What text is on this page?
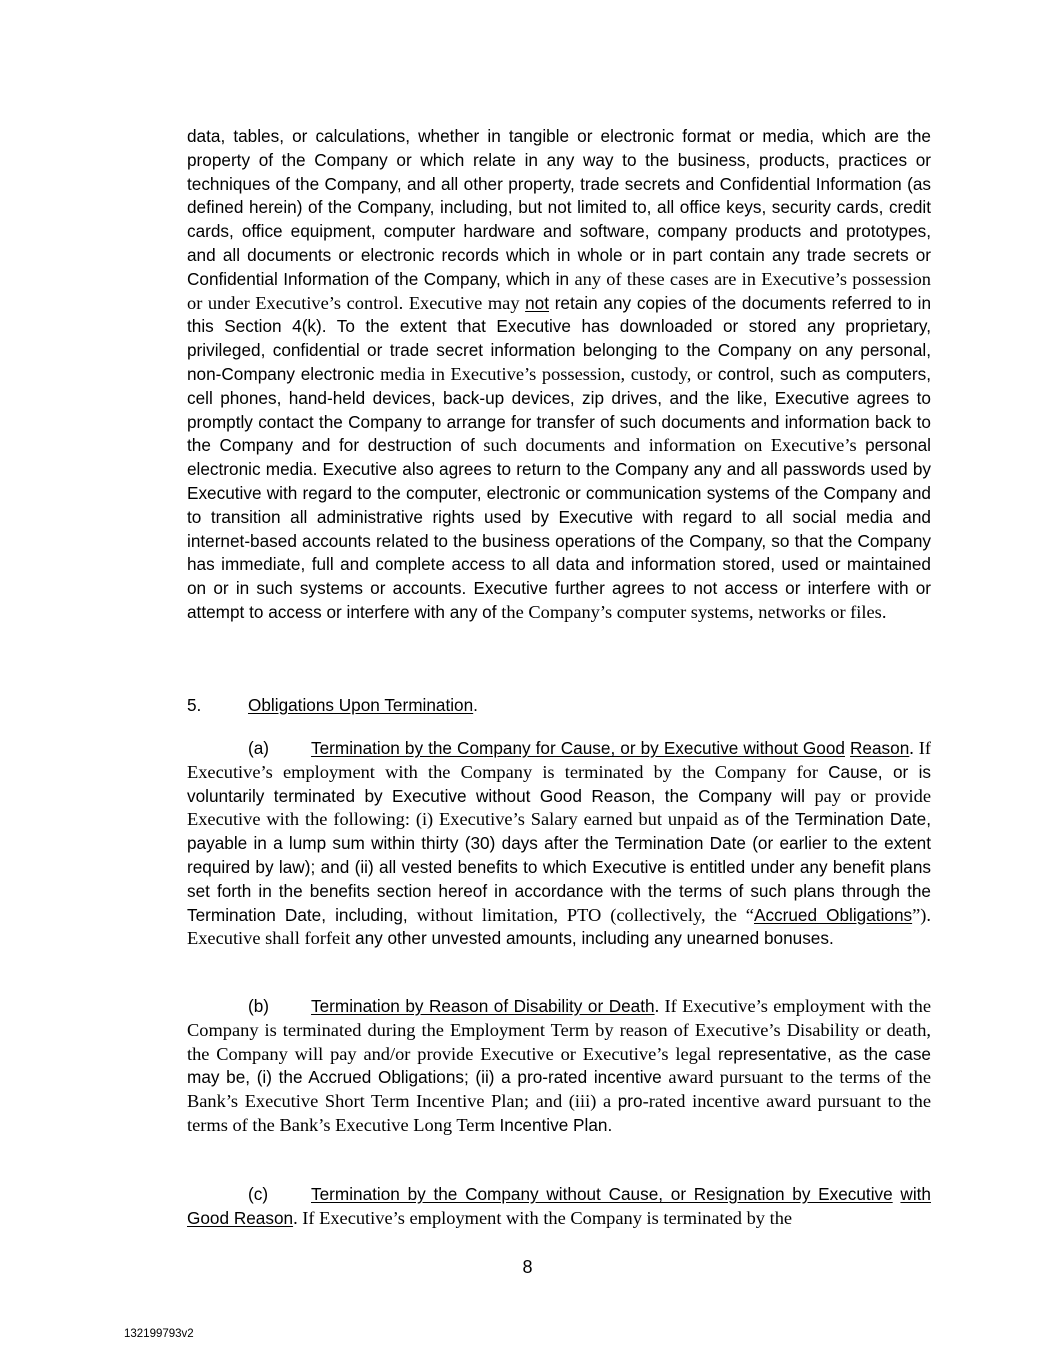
data, tables, or calculations, whether in tangible or electronic format or media, which are the property of the Company or which relate in any way to the business, products, practices or techniques of the Company, and all other property, trade secrets and Confidential Information (as defined herein) of the Company, including, but not limited to, all office keys, security cards, credit cards, office equipment, computer hardware and software, company products and prototypes, and all documents or electronic records which in whole or in part contain any trade secrets or Confidential Information of the Company, which in any of these cases are in Executive’s possession or under Executive’s control. Executive may not retain any copies of the documents referred to in this Section 4(k). To the extent that Executive has downloaded or stored any proprietary, privileged, confidential or trade secret information belonging to the Company on any personal, non-Company electronic media in Executive’s possession, custody, or control, such as computers, cell phones, hand-held devices, back-up devices, zip drives, and the like, Executive agrees to promptly contact the Company to arrange for transfer of such documents and information back to the Company and for destruction of such documents and information on Executive’s personal electronic media. Executive also agrees to return to the Company any and all passwords used by Executive with regard to the computer, electronic or communication systems of the Company and to transition all administrative rights used by Executive with regard to all social media and internet-based accounts related to the business operations of the Company, so that the Company has immediate, full and complete access to all data and information stored, used or maintained on or in such systems or accounts. Executive further agrees to not access or interfere with or attempt to access or interfere with any of the Company’s computer systems, networks or files.
5.	Obligations Upon Termination.
(a) Termination by the Company for Cause, or by Executive without Good Reason. If Executive’s employment with the Company is terminated by the Company for Cause, or is voluntarily terminated by Executive without Good Reason, the Company will pay or provide Executive with the following: (i) Executive’s Salary earned but unpaid as of the Termination Date, payable in a lump sum within thirty (30) days after the Termination Date (or earlier to the extent required by law); and (ii) all vested benefits to which Executive is entitled under any benefit plans set forth in the benefits section hereof in accordance with the terms of such plans through the Termination Date, including, without limitation, PTO (collectively, the “Accrued Obligations”). Executive shall forfeit any other unvested amounts, including any unearned bonuses.
(b) Termination by Reason of Disability or Death. If Executive’s employment with the Company is terminated during the Employment Term by reason of Executive’s Disability or death, the Company will pay and/or provide Executive or Executive’s legal representative, as the case may be, (i) the Accrued Obligations; (ii) a pro-rated incentive award pursuant to the terms of the Bank’s Executive Short Term Incentive Plan; and (iii) a pro-rated incentive award pursuant to the terms of the Bank’s Executive Long Term Incentive Plan.
(c) Termination by the Company without Cause, or Resignation by Executive with Good Reason. If Executive’s employment with the Company is terminated by the
8
132199793v2
